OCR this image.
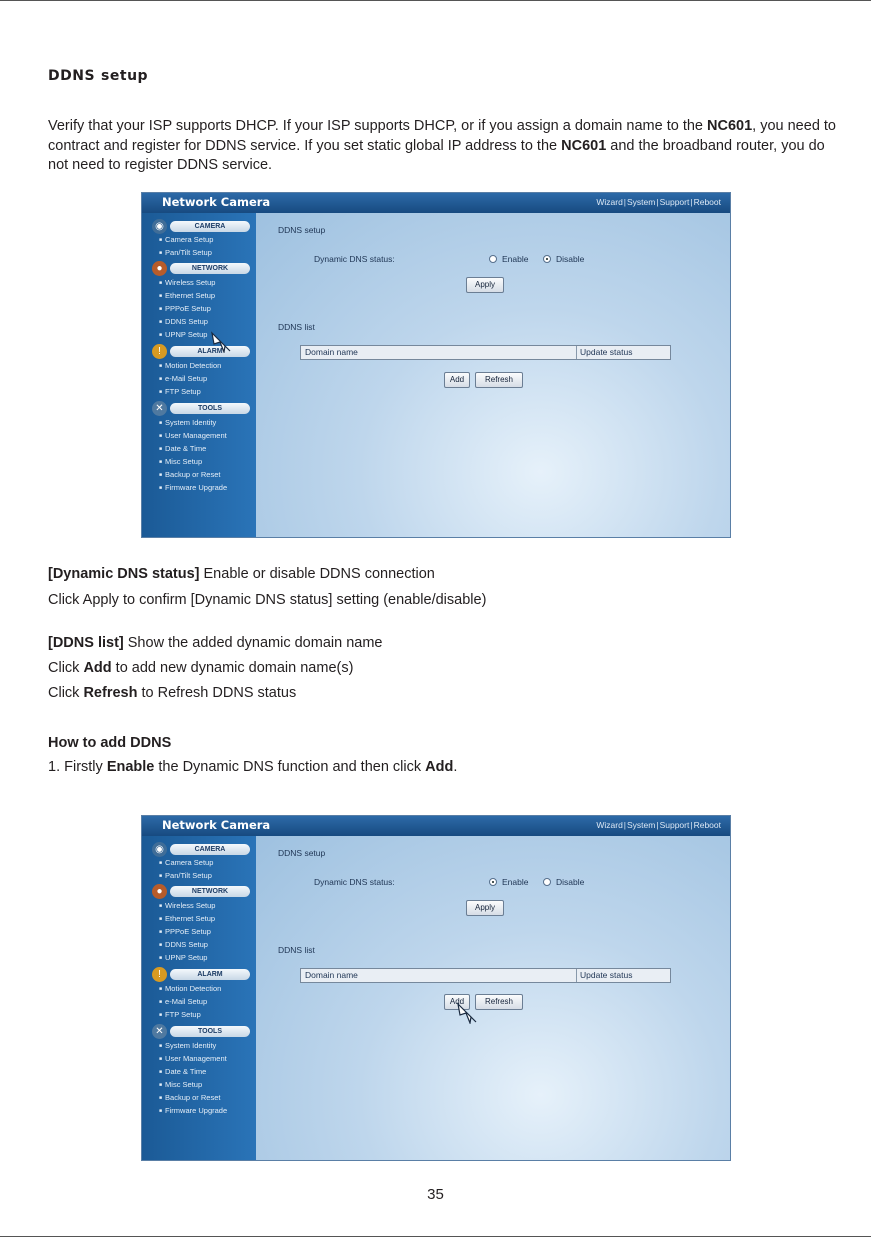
DDNS setup
Verify that your ISP supports DHCP. If your ISP supports DHCP, or if you assign a domain name to the NC601, you need to contract and register for DDNS service. If you set static global IP address to the NC601 and the broadband router, you do not need to register DDNS service.
Network Camera	Wizard|System|Support|Reboot
◉	CAMERA
■ Camera Setup
■ Pan/Tilt Setup
●	NETWORK
■ Wireless Setup
■ Ethernet Setup
■ PPPoE Setup
■ DDNS Setup
■ UPNP Setup
!	ALARM
■ Motion Detection
■ e-Mail Setup
■ FTP Setup
✕	TOOLS
■ System Identity
■ User Management
■ Date & Time
■ Misc Setup
■ Backup or Reset
■ Firmware Upgrade
DDNS setup
Dynamic DNS status:	Enable	Disable
Apply
DDNS list
Domain name	Update status
Add	Refresh
[Dynamic DNS status] Enable or disable DDNS connection
Click Apply to confirm [Dynamic DNS status] setting (enable/disable)
[DDNS list] Show the added dynamic domain name
Click Add to add new dynamic domain name(s)
Click Refresh to Refresh DDNS status
How to add DDNS
1. Firstly Enable the Dynamic DNS function and then click Add.
Network Camera	Wizard|System|Support|Reboot
◉	CAMERA
■ Camera Setup
■ Pan/Tilt Setup
●	NETWORK
■ Wireless Setup
■ Ethernet Setup
■ PPPoE Setup
■ DDNS Setup
■ UPNP Setup
!	ALARM
■ Motion Detection
■ e-Mail Setup
■ FTP Setup
✕	TOOLS
■ System Identity
■ User Management
■ Date & Time
■ Misc Setup
■ Backup or Reset
■ Firmware Upgrade
DDNS setup
Dynamic DNS status:	Enable	Disable
Apply
DDNS list
Domain name	Update status
Add	Refresh
35
